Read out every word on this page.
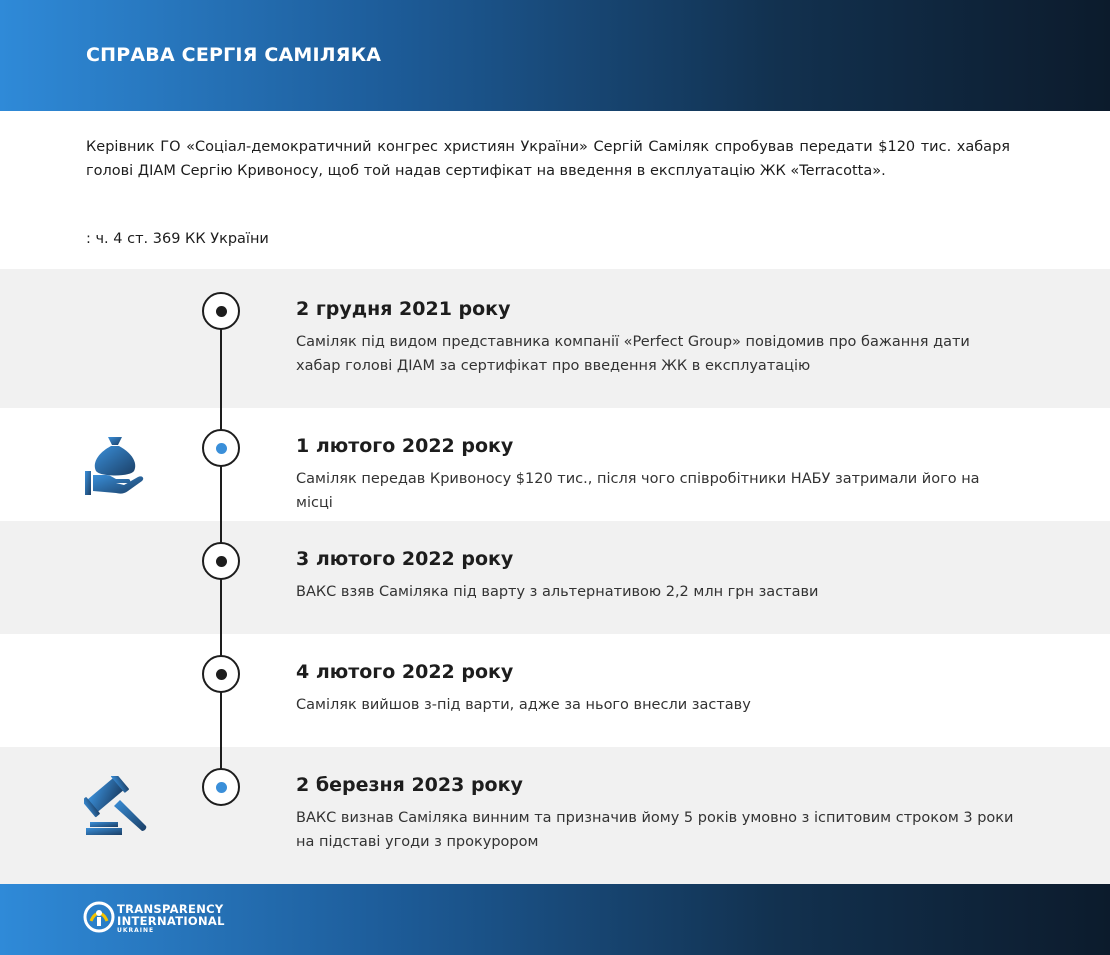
СПРАВА СЕРГІЯ САМІЛЯКА
Керівник ГО «Соціал-демократичний конгрес християн України» Сергій Саміляк спробував передати $120 тис. хабаря голові ДІАМ Сергію Кривоносу, щоб той надав сертифікат на введення в експлуатацію ЖК «Terracotta».
: ч. 4 ст. 369 КК України
2 грудня 2021 року
Саміляк під видом представника компанії «Perfect Group» повідомив про бажання дати
хабар голові ДІАМ за сертифікат про введення ЖК в експлуатацію
1 лютого 2022 року
Саміляк передав Кривоносу $120 тис., після чого співробітники НАБУ затримали його на місці
3 лютого 2022 року
ВАКС взяв Саміляка під варту з альтернативою 2,2 млн грн застави
4 лютого 2022 року
Саміляк вийшов з-під варти, адже за нього внесли заставу
2 березня 2023 року
ВАКС визнав Саміляка винним та призначив йому 5 років умовно з іспитовим строком 3 роки
на підставі угоди з прокурором
TRANSPARENCY
INTERNATIONAL
UKRAINE
